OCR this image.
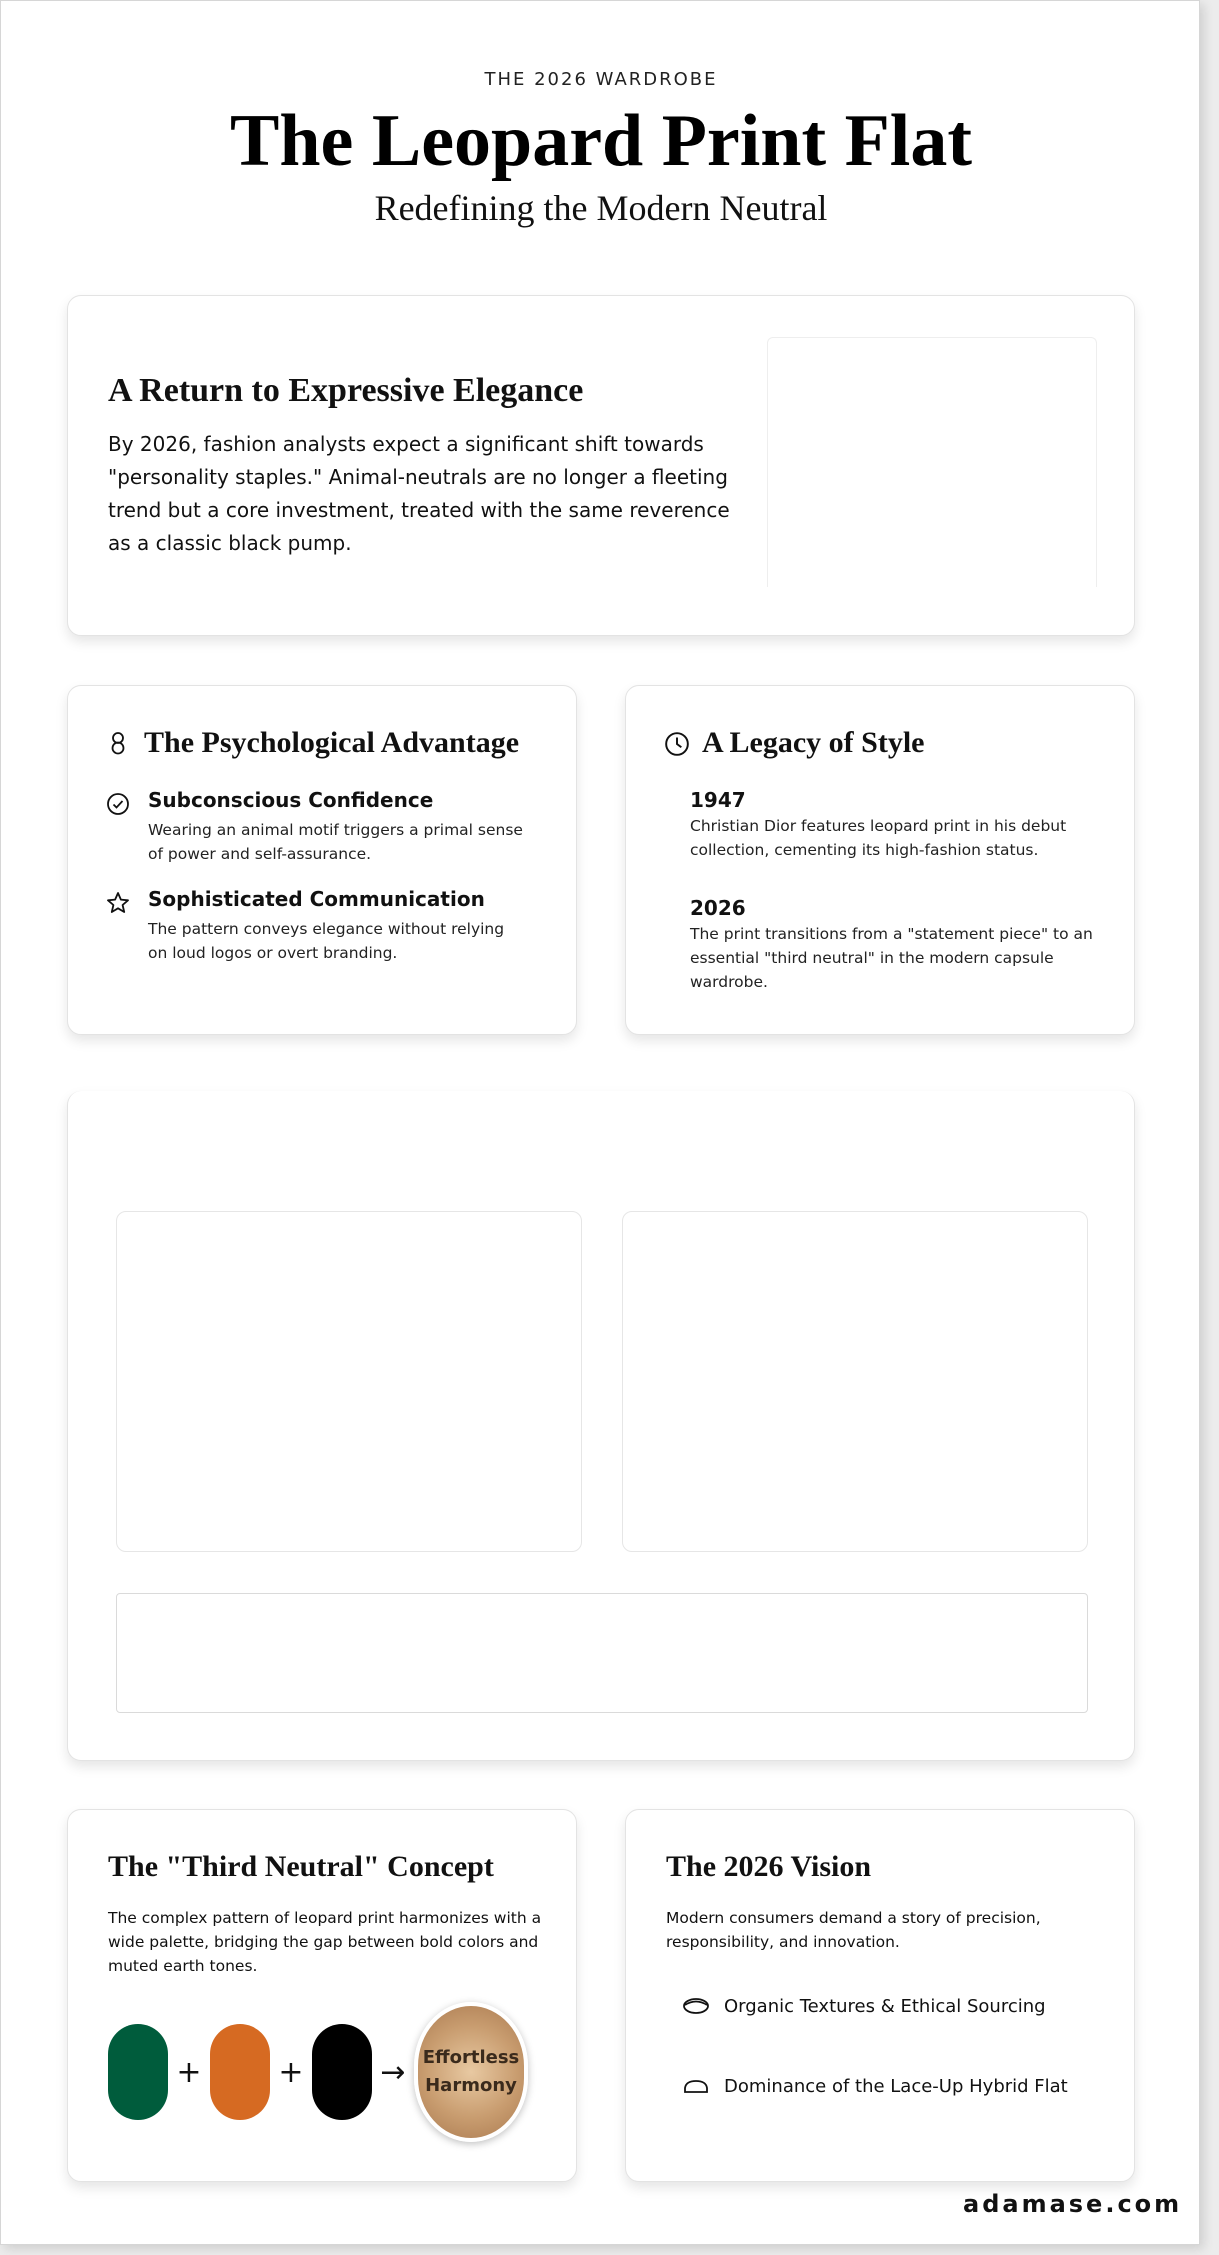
THE 2026 WARDROBE
The Leopard Print Flat
Redefining the Modern Neutral
A Return to Expressive Elegance

By 2026, fashion analysts expect a significant shift towards "personality staples." Animal-neutrals are no longer a fleeting trend but a core investment, treated with the same reverence as a classic black pump.

The Psychological Advantage
Subconscious Confidence

Wearing an animal motif triggers a primal sense of power and self-assurance.

Sophisticated Communication

The pattern conveys elegance without relying on loud logos or overt branding.

A Legacy of Style
1947

Christian Dior features leopard print in his debut collection, cementing its high-fashion status.

2026

The print transitions from a "statement piece" to an essential "third neutral" in the modern capsule wardrobe.

The "Third Neutral" Concept

The complex pattern of leopard print harmonizes with a wide palette, bridging the gap between bold colors and muted earth tones.

+	+	→ Effortless
Harmony
The 2026 Vision

Modern consumers demand a story of precision, responsibility, and innovation.

Organic Textures & Ethical Sourcing
Dominance of the Lace-Up Hybrid Flat
adamase.com
